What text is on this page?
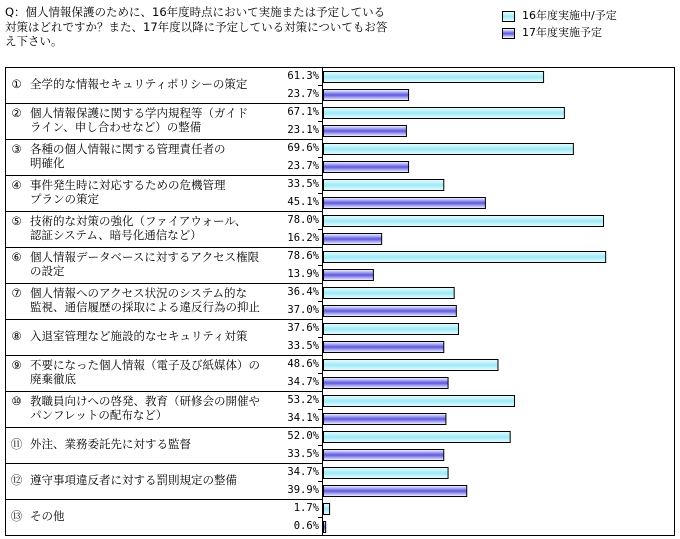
Q：個人情報保護のために、16年度時点において実施または予定している
対策はどれですか？また、17年度以降に予定している対策についてもお答
え下さい。
16年度実施中/予定
17年度実施予定
① 全学的な情報セキュリティポリシーの策定
② 個人情報保護に関する学内規程等（ガイド
ライン、申し合わせなど）の整備
③ 各種の個人情報に関する管理責任者の
明確化
④ 事件発生時に対応するための危機管理
プランの策定
⑤ 技術的な対策の強化（ファイアウォール、
認証システム、暗号化通信など）
⑥ 個人情報データベースに対するアクセス権限
の設定
⑦ 個人情報へのアクセス状況のシステム的な
監視、通信履歴の採取による違反行為の抑止
⑧ 入退室管理など施設的なセキュリティ対策
⑨ 不要になった個人情報（電子及び紙媒体）の
廃棄徹底
⑩ 教職員向けへの啓発、教育（研修会の開催や
パンフレットの配布など）
⑪ 外注、業務委託先に対する監督
⑫ 遵守事項違反者に対する罰則規定の整備
⑬ その他
61.3%
23.7%
67.1%
23.1%
69.6%
23.7%
33.5%
45.1%
78.0%
16.2%
78.6%
13.9%
36.4%
37.0%
37.6%
33.5%
48.6%
34.7%
53.2%
34.1%
52.0%
33.5%
34.7%
39.9%
1.7%
0.6%
